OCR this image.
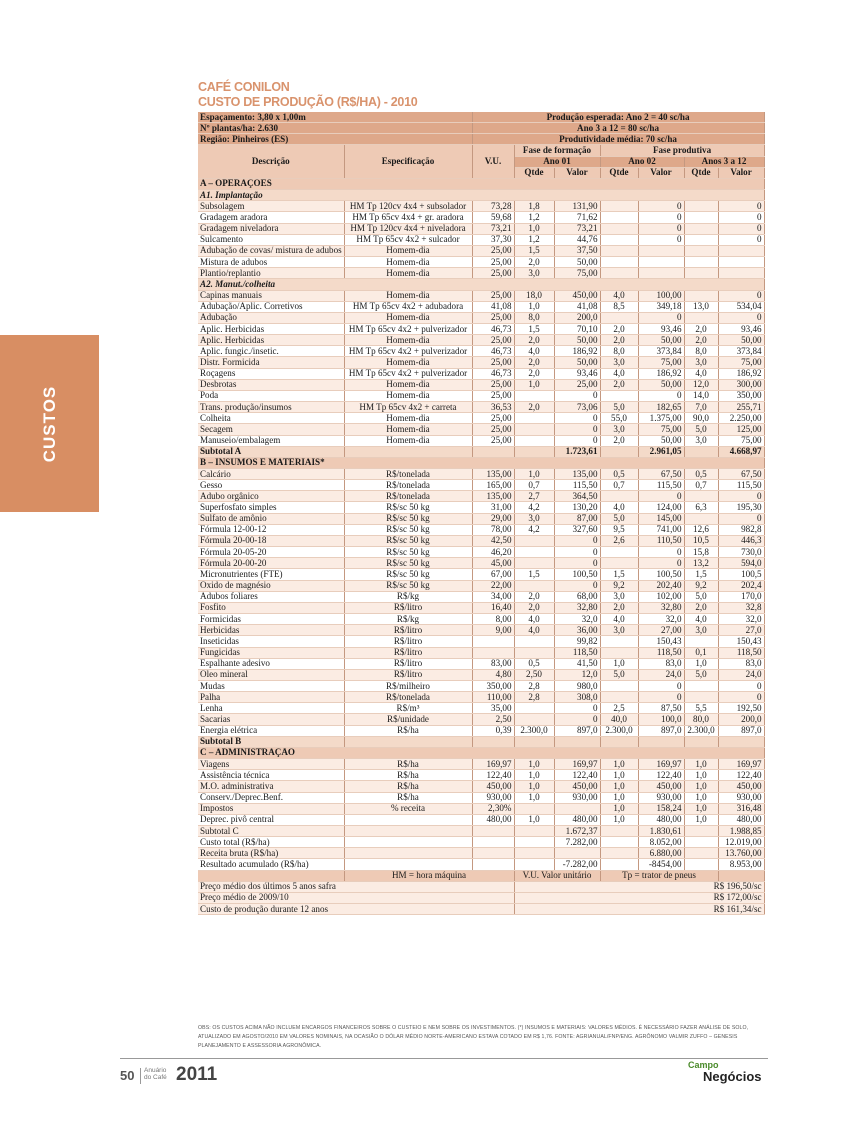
CUSTOS
CAFÉ CONILON
CUSTO DE PRODUÇÃO (R$/HA) - 2010
Espaçamento: 3,80 x 1,00m		Produção esperada: Ano 2 = 40 sc/ha						
Nº plantas/ha: 2.630		Ano 3 a 12 = 80 sc/ha						
Região: Pinheiros (ES)		Produtividade média: 70 sc/ha						
Descrição	Especificação	V.U.	Fase de formação		Fase produtiva			
			Ano 01		Ano 02		Anos 3 a 12	
			Qtde	Valor	Qtde	Valor	Qtde	Valor
A – OPERAÇÕES								
A1. Implantação								
Subsolagem	HM Tp 120cv 4x4 + subsolador	73,28	1,8	131,90		0		0
Gradagem aradora	HM Tp 65cv 4x4 + gr. aradora	59,68	1,2	71,62		0		0
Gradagem niveladora	HM Tp 120cv 4x4 + niveladora	73,21	1,0	73,21		0		0
Sulcamento	HM Tp 65cv 4x2 + sulcador	37,30	1,2	44,76		0		0
Adubação de covas/ mistura de adubos	Homem-dia	25,00	1,5	37,50				
Mistura de adubos	Homem-dia	25,00	2,0	50,00				
Plantio/replantio	Homem-dia	25,00	3,0	75,00				
A2. Manut./colheita								
Capinas manuais	Homem-dia	25,00	18,0	450,00	4,0	100,00		0
Adubação/Aplic. Corretivos	HM Tp 65cv 4x2 + adubadora	41,08	1,0	41,08	8,5	349,18	13,0	534,04
Adubação	Homem-dia	25,00	8,0	200,0		0		0
Aplic. Herbicidas	HM Tp 65cv 4x2 + pulverizador	46,73	1,5	70,10	2,0	93,46	2,0	93,46
Aplic. Herbicidas	Homem-dia	25,00	2,0	50,00	2,0	50,00	2,0	50,00
Aplic. fungic./insetic.	HM Tp 65cv 4x2 + pulverizador	46,73	4,0	186,92	8,0	373,84	8,0	373,84
Distr. Formicida	Homem-dia	25,00	2,0	50,00	3,0	75,00	3,0	75,00
Roçagens	HM Tp 65cv 4x2 + pulverizador	46,73	2,0	93,46	4,0	186,92	4,0	186,92
Desbrotas	Homem-dia	25,00	1,0	25,00	2,0	50,00	12,0	300,00
Poda	Homem-dia	25,00		0		0	14,0	350,00
Trans. produção/insumos	HM Tp 65cv 4x2 + carreta	36,53	2,0	73,06	5,0	182,65	7,0	255,71
Colheita	Homem-dia	25,00		0	55,0	1.375,00	90,0	2.250,00
Secagem	Homem-dia	25,00		0	3,0	75,00	5,0	125,00
Manuseio/embalagem	Homem-dia	25,00		0	2,0	50,00	3,0	75,00
Subtotal A				1.723,61		2.961,05		4.668,97
B – INSUMOS E MATERIAIS*								
Calcário	R$/tonelada	135,00	1,0	135,00	0,5	67,50	0,5	67,50
Gesso	R$/tonelada	165,00	0,7	115,50	0,7	115,50	0,7	115,50
Adubo orgânico	R$/tonelada	135,00	2,7	364,50		0		0
Superfosfato simples	R$/sc 50 kg	31,00	4,2	130,20	4,0	124,00	6,3	195,30
Sulfato de amônio	R$/sc 50 kg	29,00	3,0	87,00	5,0	145,00		0
Fórmula 12-00-12	R$/sc 50 kg	78,00	4,2	327,60	9,5	741,00	12,6	982,8
Fórmula 20-00-18	R$/sc 50 kg	42,50		0	2,6	110,50	10,5	446,3
Fórmula 20-05-20	R$/sc 50 kg	46,20		0		0	15,8	730,0
Fórmula 20-00-20	R$/sc 50 kg	45,00		0		0	13,2	594,0
Micronutrientes (FTE)	R$/sc 50 kg	67,00	1,5	100,50	1,5	100,50	1,5	100,5
Óxido de magnésio	R$/sc 50 kg	22,00		0	9,2	202,40	9,2	202,4
Adubos foliares	R$/kg	34,00	2,0	68,00	3,0	102,00	5,0	170,0
Fosfito	R$/litro	16,40	2,0	32,80	2,0	32,80	2,0	32,8
Formicidas	R$/kg	8,00	4,0	32,0	4,0	32,0	4,0	32,0
Herbicidas	R$/litro	9,00	4,0	36,00	3,0	27,00	3,0	27,0
Inseticidas	R$/litro			99,82		150,43		150,43
Fungicidas	R$/litro			118,50		118,50	0,1	118,50
Espalhante adesivo	R$/litro	83,00	0,5	41,50	1,0	83,0	1,0	83,0
Óleo mineral	R$/litro	4,80	2,50	12,0	5,0	24,0	5,0	24,0
Mudas	R$/milheiro	350,00	2,8	980,0		0		0
Palha	R$/tonelada	110,00	2,8	308,0		0		0
Lenha	R$/m³	35,00		0	2,5	87,50	5,5	192,50
Sacarias	R$/unidade	2,50		0	40,0	100,0	80,0	200,0
Energia elétrica	R$/ha	0,39	2.300,0	897,0	2.300,0	897,0	2.300,0	897,0
Subtotal B								
C – ADMINISTRAÇÃO								
Viagens	R$/ha	169,97	1,0	169,97	1,0	169,97	1,0	169,97
Assistência técnica	R$/ha	122,40	1,0	122,40	1,0	122,40	1,0	122,40
M.O. administrativa	R$/ha	450,00	1,0	450,00	1,0	450,00	1,0	450,00
Conserv./Deprec.Benf.	R$/ha	930,00	1,0	930,00	1,0	930,00	1,0	930,00
Impostos	% receita	2,30%			1,0	158,24	1,0	316,48
Deprec. pivô central		480,00	1,0	480,00	1,0	480,00	1,0	480,00
Subtotal C				1.672,37		1.830,61		1.988,85
Custo total (R$/ha)				7.282,00		8.052,00		12.019,00
Receita bruta (R$/ha)						6.880,00		13.760,00
Resultado acumulado (R$/ha)				-7.282,00		-8454,00		8.953,00
	HM = hora máquina		V.U. Valor unitário		Tp = trator de pneus			
Preço médio dos últimos 5 anos safra			R$ 196,50/sc					
Preço médio de 2009/10			R$ 172,00/sc					
Custo de produção durante 12 anos			R$ 161,34/sc					
OBS: OS CUSTOS ACIMA NÃO INCLUEM ENCARGOS FINANCEIROS SOBRE O CUSTEIO E NEM SOBRE OS INVESTIMENTOS. (*) INSUMOS E MATERIAIS: VALORES MÉDIOS. É NECESSÁRIO FAZER ANÁLISE DE SOLO, ATUALIZADO EM AGOSTO/2010 EM VALORES NOMINAIS, NA OCASIÃO O DÓLAR MÉDIO NORTE-AMERICANO ESTAVA COTADO EM R$ 1,76. FONTE: AGRIANUAL/FNP/ENG. AGRÔNOMO VALMIR ZUFFO – GENESIS PLANEJAMENTO E ASSESSORIA AGRONÔMICA.
50 Anuário
do Café 2011	Campo
Negócios
